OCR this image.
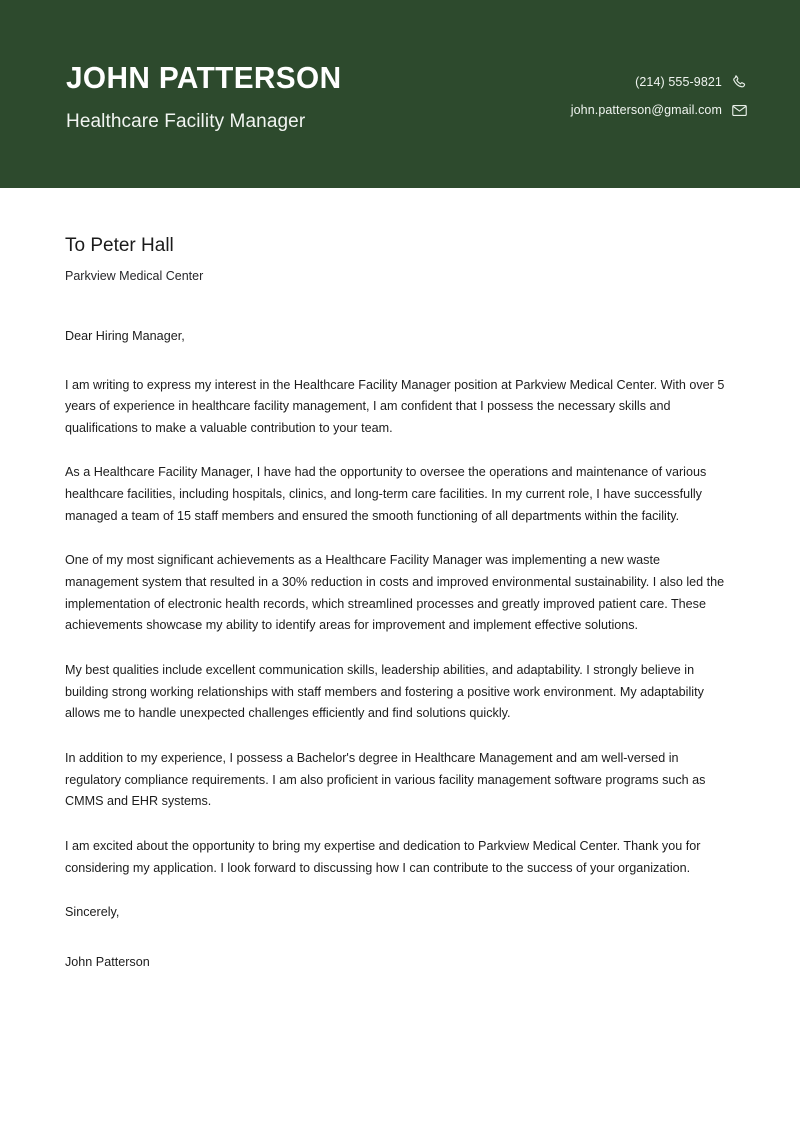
JOHN PATTERSON
Healthcare Facility Manager
(214) 555-9821
john.patterson@gmail.com
To Peter Hall
Parkview Medical Center

Dear Hiring Manager,

I am writing to express my interest in the Healthcare Facility Manager position at Parkview Medical Center. With over 5 years of experience in healthcare facility management, I am confident that I possess the necessary skills and qualifications to make a valuable contribution to your team.

As a Healthcare Facility Manager, I have had the opportunity to oversee the operations and maintenance of various healthcare facilities, including hospitals, clinics, and long-term care facilities. In my current role, I have successfully managed a team of 15 staff members and ensured the smooth functioning of all departments within the facility.

One of my most significant achievements as a Healthcare Facility Manager was implementing a new waste management system that resulted in a 30% reduction in costs and improved environmental sustainability. I also led the implementation of electronic health records, which streamlined processes and greatly improved patient care. These achievements showcase my ability to identify areas for improvement and implement effective solutions.

My best qualities include excellent communication skills, leadership abilities, and adaptability. I strongly believe in building strong working relationships with staff members and fostering a positive work environment. My adaptability allows me to handle unexpected challenges efficiently and find solutions quickly.

In addition to my experience, I possess a Bachelor's degree in Healthcare Management and am well-versed in regulatory compliance requirements. I am also proficient in various facility management software programs such as CMMS and EHR systems.

I am excited about the opportunity to bring my expertise and dedication to Parkview Medical Center. Thank you for considering my application. I look forward to discussing how I can contribute to the success of your organization.

Sincerely,

John Patterson
